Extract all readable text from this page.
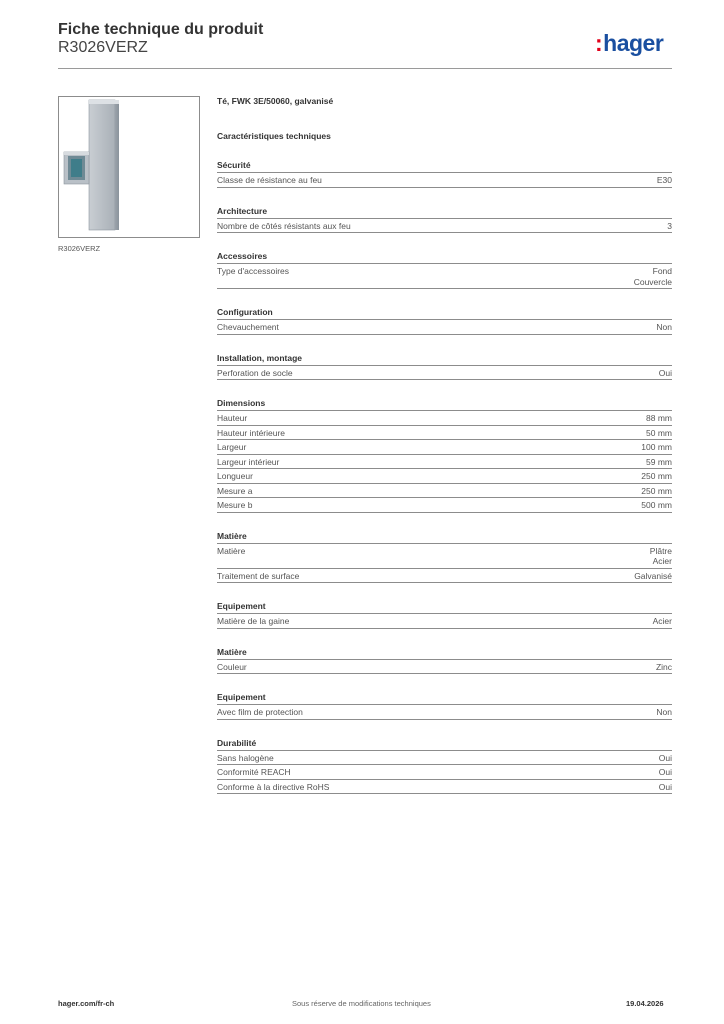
Fiche technique du produit
R3026VERZ	:hager
R3026VERZ
Té, FWK 3E/50060, galvanisé
Caractéristiques techniques
Sécurité
Classe de résistance au feu	E30
Architecture
Nombre de côtés résistants aux feu	3
Accessoires
Type d'accessoires	Fond
Couvercle
Configuration
Chevauchement	Non
Installation, montage
Perforation de socle	Oui
Dimensions
Hauteur	88 mm
Hauteur intérieure	50 mm
Largeur	100 mm
Largeur intérieur	59 mm
Longueur	250 mm
Mesure a	250 mm
Mesure b	500 mm
Matière
Matière	Plâtre
Acier
Traitement de surface	Galvanisé
Equipement
Matière de la gaine	Acier
Matière
Couleur	Zinc
Equipement
Avec film de protection	Non
Durabilité
Sans halogène	Oui
Conformité REACH	Oui
Conforme à la directive RoHS	Oui
hager.com/fr-ch	Sous réserve de modifications techniques	19.04.2026
